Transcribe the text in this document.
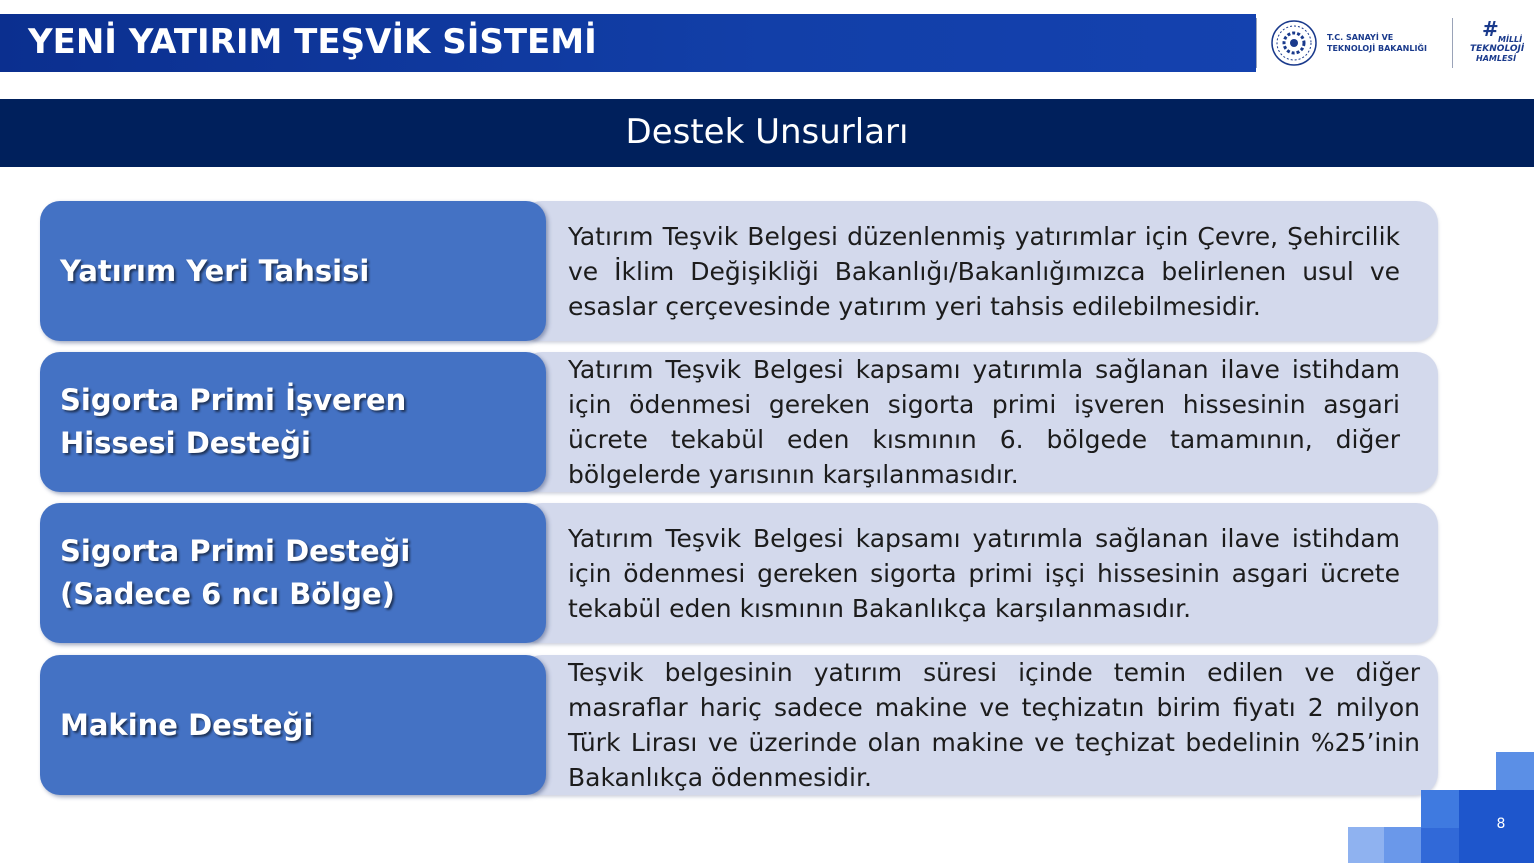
YENİ YATIRIM TEŞVİK SİSTEMİ	T.C. SANAYİ VE
TEKNOLOJİ BAKANLIĞI
# MİLLİ
TEKNOLOJİ
HAMLESİ
Destek Unsurları
Yatırım Yeri Tahsisi
Yatırım Teşvik Belgesi düzenlenmiş yatırımlar için Çevre, Şehircilik ve İklim Değişikliği Bakanlığı/Bakanlığımızca belirlenen usul ve esaslar çerçevesinde yatırım yeri tahsis edilebilmesidir.
Sigorta Primi İşveren Hissesi Desteği
Yatırım Teşvik Belgesi kapsamı yatırımla sağlanan ilave istihdam için ödenmesi gereken sigorta primi işveren hissesinin asgari ücrete tekabül eden kısmının 6. bölgede tamamının, diğer bölgelerde yarısının karşılanmasıdır.
Sigorta Primi Desteği (Sadece 6 ncı Bölge)
Yatırım Teşvik Belgesi kapsamı yatırımla sağlanan ilave istihdam için ödenmesi gereken sigorta primi işçi hissesinin asgari ücrete tekabül eden kısmının Bakanlıkça karşılanmasıdır.
Makine Desteği
Teşvik belgesinin yatırım süresi içinde temin edilen ve diğer masraflar hariç sadece makine ve teçhizatın birim fiyatı 2 milyon Türk Lirası ve üzerinde olan makine ve teçhizat bedelinin %25’inin Bakanlıkça ödenmesidir.
8
